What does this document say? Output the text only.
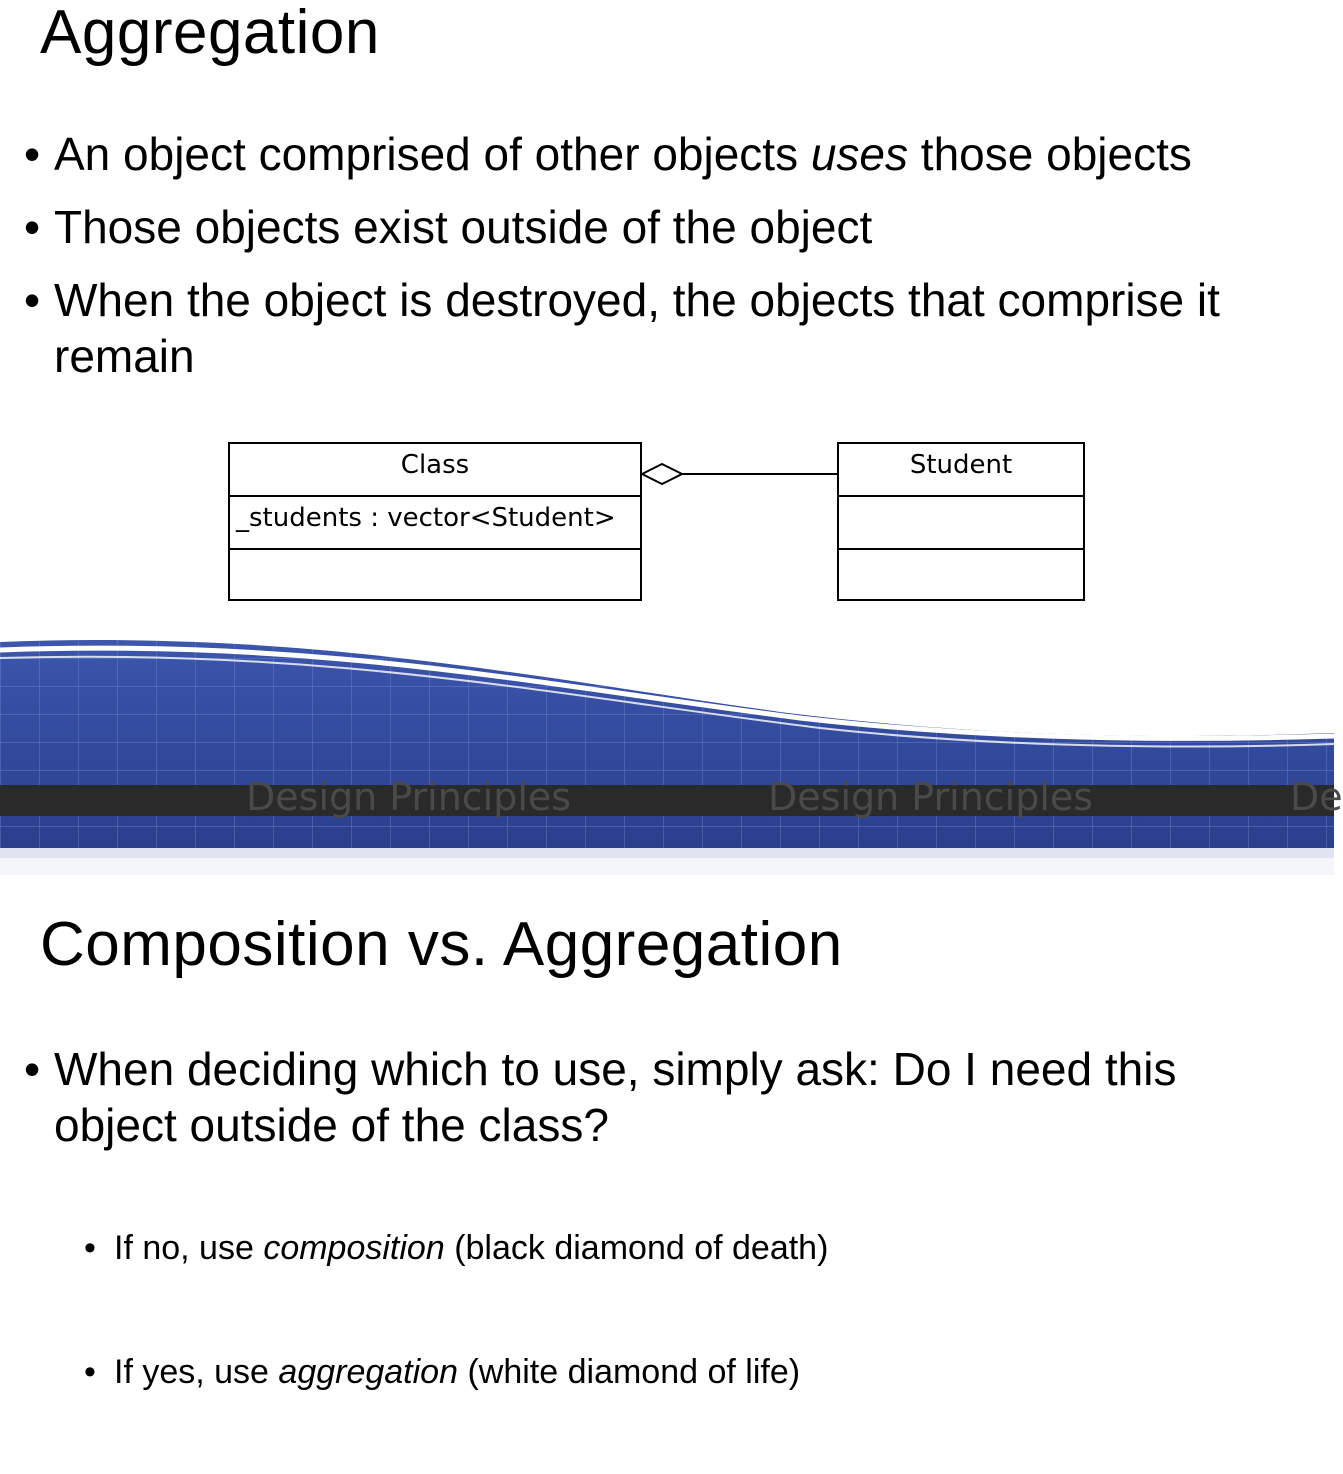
Aggregation
• An object comprised of other objects uses those objects
• Those objects exist outside of the object
• When the object is destroyed, the objects that comprise it remain
Class
_students : vector<Student>
Student
Design Principles	Design Principles	De
Composition vs. Aggregation
• When deciding which to use, simply ask: Do I need this object outside of the class?
• If no, use composition (black diamond of death)
• If yes, use aggregation (white diamond of life)
